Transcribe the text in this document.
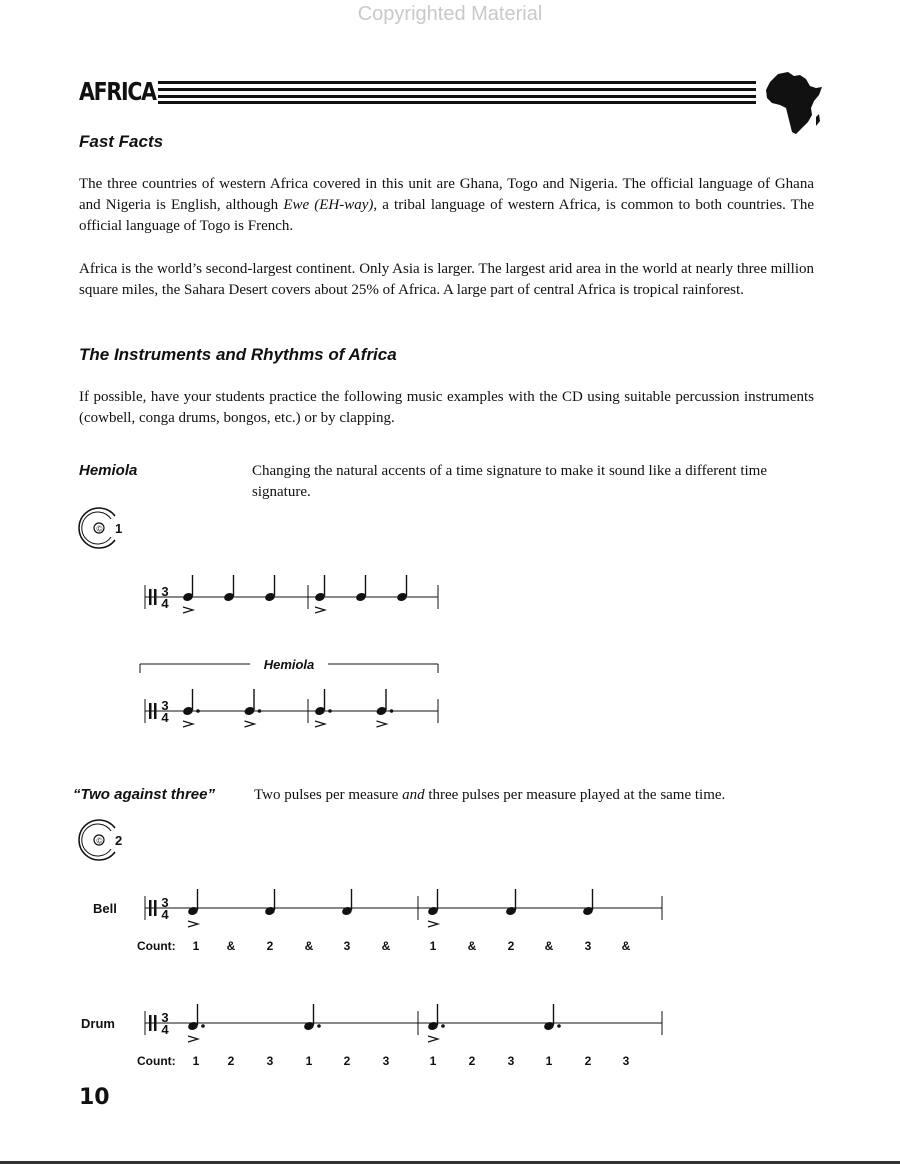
Copyrighted Material
AFRICA
Fast Facts
The three countries of western Africa covered in this unit are Ghana, Togo and Nigeria. The official language of Ghana and Nigeria is English, although Ewe (EH-way), a tribal language of western Africa, is common to both countries. The official language of Togo is French.
Africa is the world’s second-largest continent. Only Asia is larger. The largest arid area in the world at nearly three million square miles, the Sahara Desert covers about 25% of Africa. A large part of central Africa is tropical rainforest.
The Instruments and Rhythms of Africa
If possible, have your students practice the following music examples with the CD using suitable percussion instruments (cowbell, conga drums, bongos, etc.) or by clapping.
Hemiola	Changing the natural accents of a time signature to make it sound like a different time signature.
© 1
© 2
“Two against three”	Two pulses per measure and three pulses per measure played at the same time.
3
4
3
4
3
4
3
4
Hemiola
Bell
Count: 1 &	2	&	3	&	1	&	2	&	3	&
Drum
Count: 1 2	3	1	2	3	1	2	3	1	2	3
10
